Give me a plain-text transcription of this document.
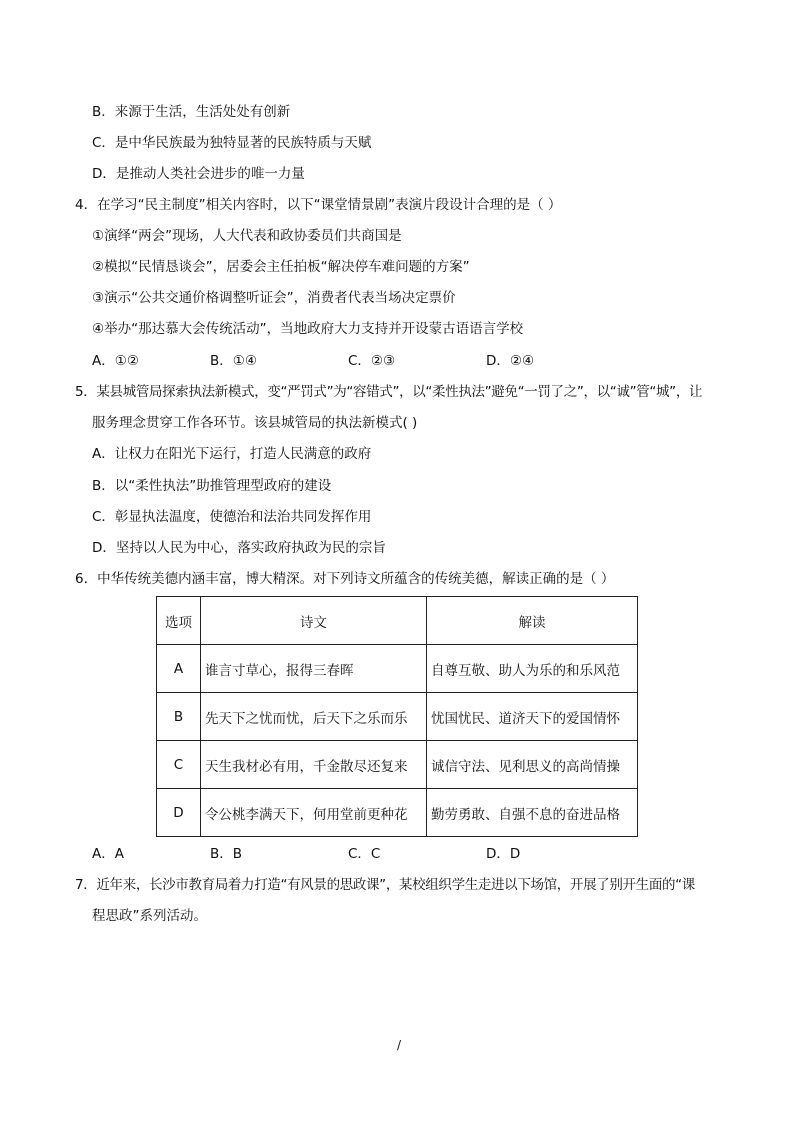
B．来源于生活，生活处处有创新
C．是中华民族最为独特显著的民族特质与天赋
D．是推动人类社会进步的唯一力量
4．在学习“民主制度”相关内容时，以下“课堂情景剧”表演片段设计合理的是（ ）
①演绎“两会”现场，人大代表和政协委员们共商国是
②模拟“民情恳谈会”，居委会主任拍板“解决停车难问题的方案”
③演示“公共交通价格调整听证会”，消费者代表当场决定票价
④举办“那达慕大会传统活动”，当地政府大力支持并开设蒙古语语言学校
A．①②	B．①④	C．②③	D．②④
5．某县城管局探索执法新模式，变“严罚式”为“容错式”，以“柔性执法”避免“一罚了之”，以“诚”管“城”，让
服务理念贯穿工作各环节。该县城管局的执法新模式( )
A．让权力在阳光下运行，打造人民满意的政府
B．以“柔性执法”助推管理型政府的建设
C．彰显执法温度，使德治和法治共同发挥作用
D．坚持以人民为中心，落实政府执政为民的宗旨
6．中华传统美德内涵丰富，博大精深。对下列诗文所蕴含的传统美德，解读正确的是（ ）
选项	诗文	解读
A	谁言寸草心，报得三春晖	自尊互敬、助人为乐的和乐风范
B	先天下之忧而忧，后天下之乐而乐	忧国忧民、道济天下的爱国情怀
C	天生我材必有用，千金散尽还复来	诚信守法、见利思义的高尚情操
D	令公桃李满天下，何用堂前更种花	勤劳勇敢、自强不息的奋进品格
A．A	B．B	C．C	D．D
7．近年来，长沙市教育局着力打造“有风景的思政课”，某校组织学生走进以下场馆，开展了别开生面的“课
程思政”系列活动。
/
